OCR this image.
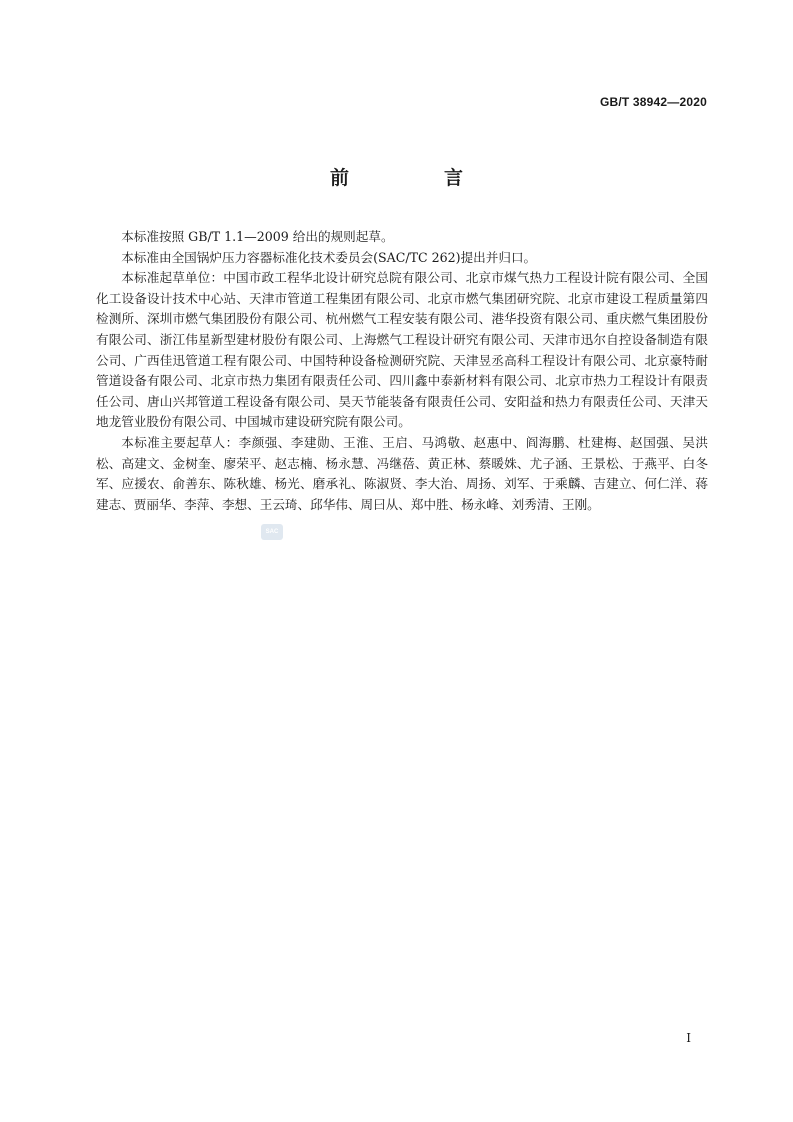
GB/T 38942—2020
前　言

本标准按照 GB/T 1.1—2009 给出的规则起草。

本标准由全国锅炉压力容器标准化技术委员会(SAC/TC 262)提出并归口。

本标准起草单位：中国市政工程华北设计研究总院有限公司、北京市煤气热力工程设计院有限公司、全国化工设备设计技术中心站、天津市管道工程集团有限公司、北京市燃气集团研究院、北京市建设工程质量第四检测所、深圳市燃气集团股份有限公司、杭州燃气工程安装有限公司、港华投资有限公司、重庆燃气集团股份有限公司、浙江伟星新型建材股份有限公司、上海燃气工程设计研究有限公司、天津市迅尔自控设备制造有限公司、广西佳迅管道工程有限公司、中国特种设备检测研究院、天津昱丞高科工程设计有限公司、北京豪特耐管道设备有限公司、北京市热力集团有限责任公司、四川鑫中泰新材料有限公司、北京市热力工程设计有限责任公司、唐山兴邦管道工程设备有限公司、昊天节能装备有限责任公司、安阳益和热力有限责任公司、天津天地龙管业股份有限公司、中国城市建设研究院有限公司。

本标准主要起草人：李颜强、李建勋、王淮、王启、马鸿敬、赵惠中、阎海鹏、杜建梅、赵国强、吴洪松、高建文、金树奎、廖荣平、赵志楠、杨永慧、冯继蓓、黄正林、蔡暖姝、尤子涵、王景松、于燕平、白冬军、应援农、俞善东、陈秋雄、杨光、磨承礼、陈淑贤、李大治、周扬、刘军、于乘麟、吉建立、何仁洋、蒋建志、贾丽华、李萍、李想、王云琦、邱华伟、周曰从、郑中胜、杨永峰、刘秀清、王刚。

SAC
I
